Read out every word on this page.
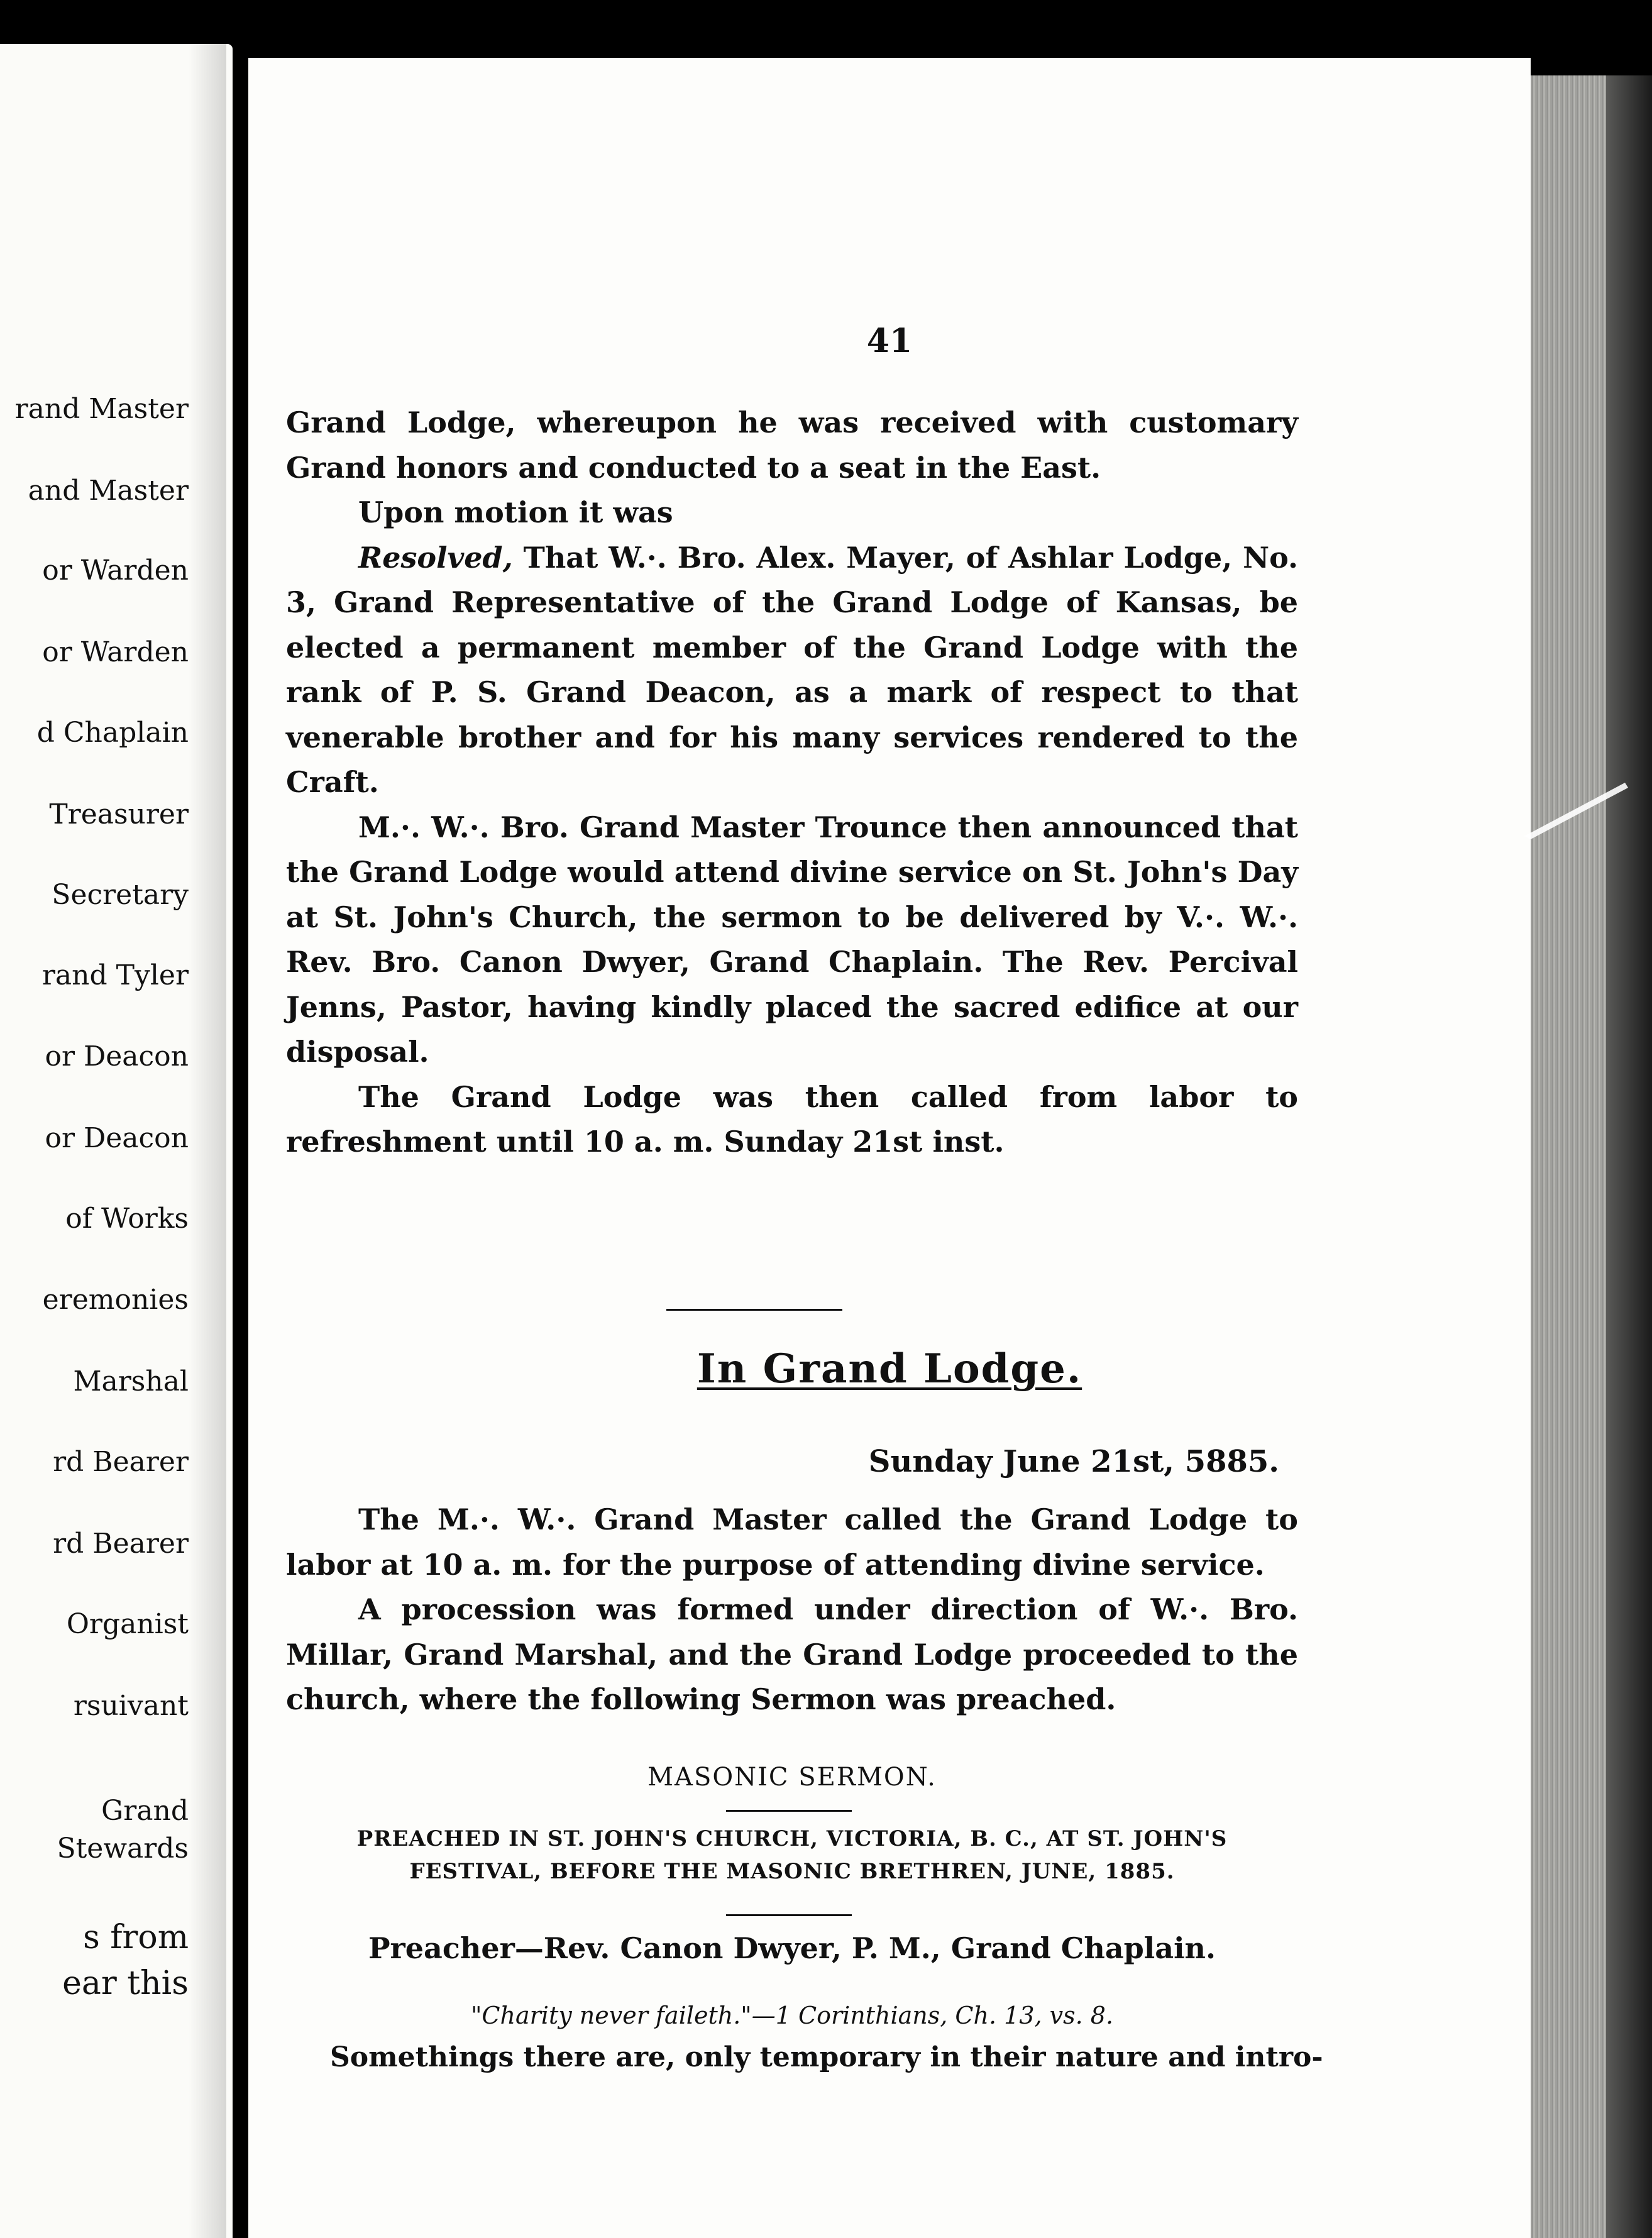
rand Master
and Master
or Warden
or Warden
d Chaplain
Treasurer
Secretary
rand Tyler
or Deacon
or Deacon
of Works
eremonies
Marshal
rd Bearer
rd Bearer
Organist
rsuivant
Grand
Stewards
s from
ear this
41

Grand Lodge, whereupon he was received with customary Grand honors and conducted to a seat in the East.

Upon motion it was

Resolved, That W.·. Bro. Alex. Mayer, of Ashlar Lodge, No. 3, Grand Representative of the Grand Lodge of Kansas, be elected a permanent member of the Grand Lodge with the rank of P. S. Grand Deacon, as a mark of respect to that venerable brother and for his many services rendered to the Craft.

M.·. W.·. Bro. Grand Master Trounce then announced that the Grand Lodge would attend divine service on St. John's Day at St. John's Church, the sermon to be delivered by V.·. W.·. Rev. Bro. Canon Dwyer, Grand Chaplain. The Rev. Percival Jenns, Pastor, having kindly placed the sacred edifice at our disposal.

The Grand Lodge was then called from labor to refreshment until 10 a. m. Sunday 21st inst.

In Grand Lodge.
Sunday June 21st, 5885.

The M.·. W.·. Grand Master called the Grand Lodge to labor at 10 a. m. for the purpose of attending divine service.

A procession was formed under direction of W.·. Bro. Millar, Grand Marshal, and the Grand Lodge proceeded to the church, where the following Sermon was preached.

MASONIC SERMON.
PREACHED IN ST. JOHN'S CHURCH, VICTORIA, B. C., AT ST. JOHN'S
FESTIVAL, BEFORE THE MASONIC BRETHREN, JUNE, 1885.
Preacher—Rev. Canon Dwyer, P. M., Grand Chaplain.
"Charity never faileth."—1 Corinthians, Ch. 13, vs. 8.
Somethings there are, only temporary in their nature and intro-
